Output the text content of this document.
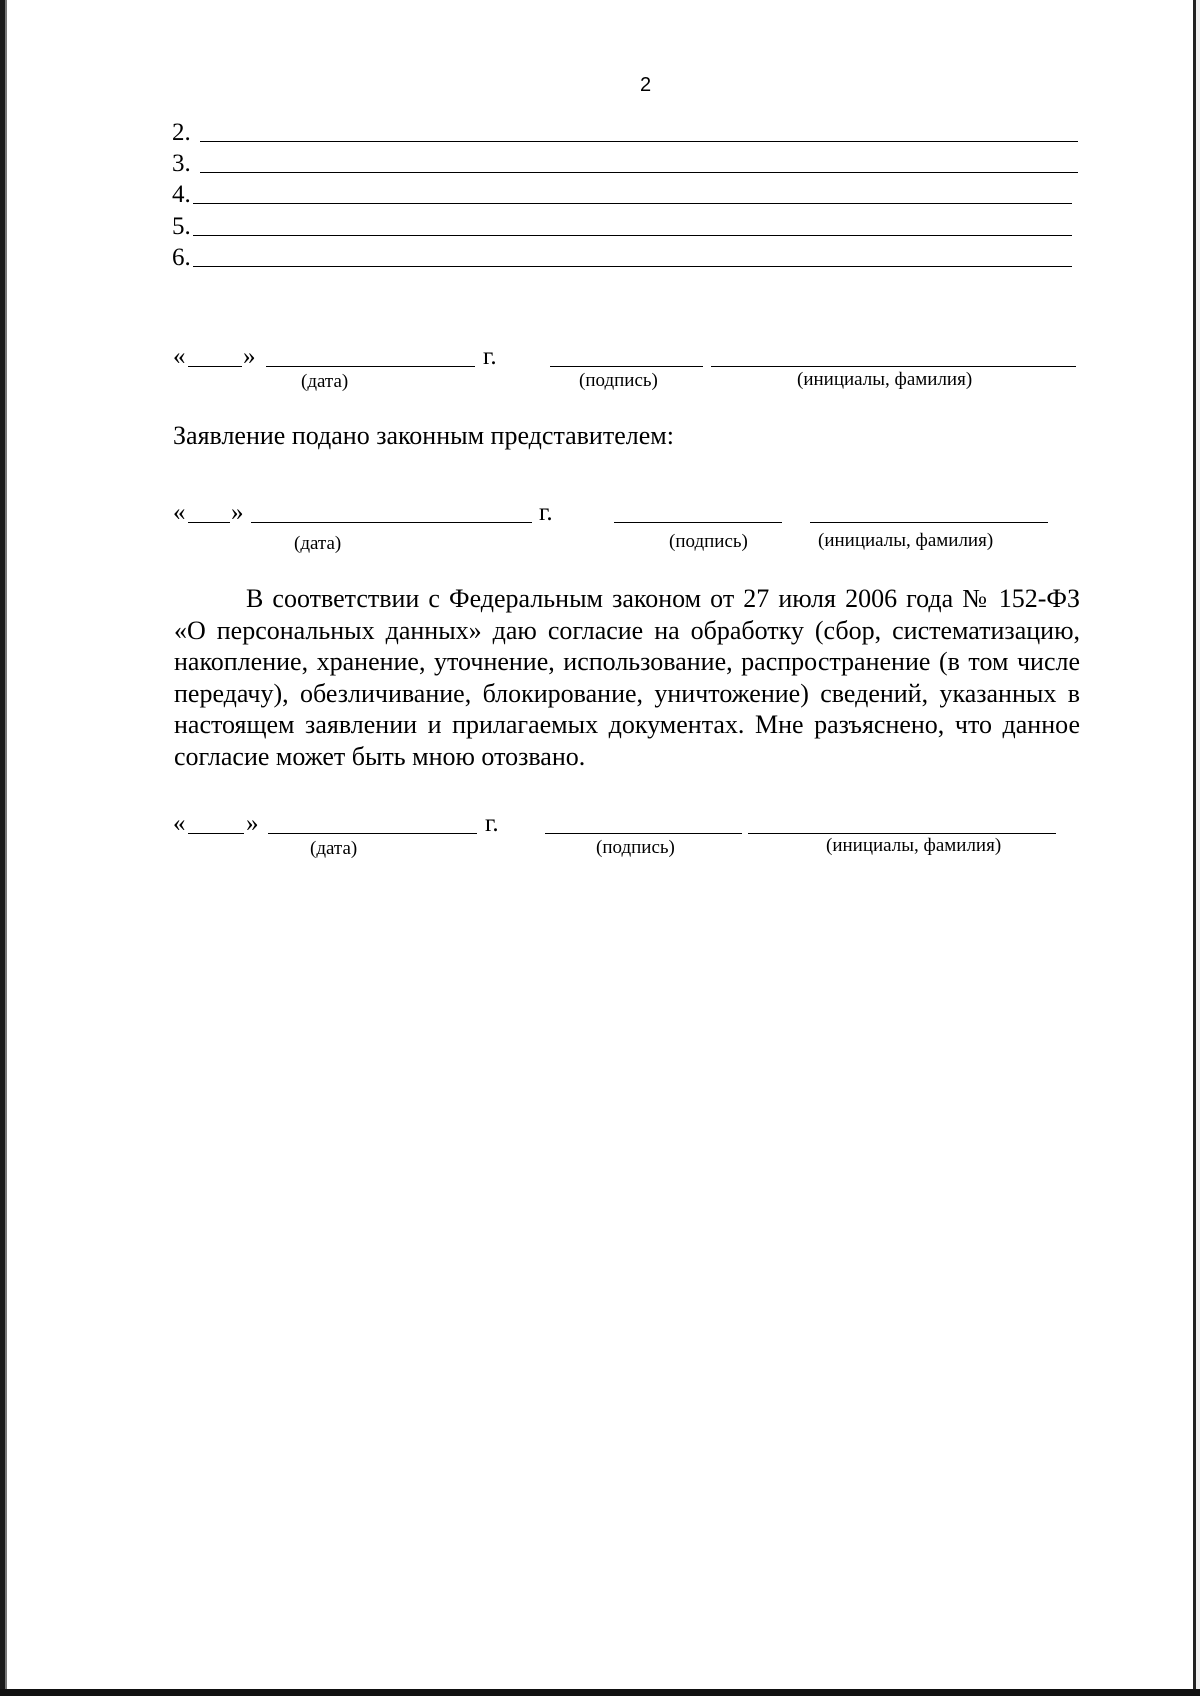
2
2.
3.
4.
5.
6.
« »	г.
(дата)	(подпись)	(инициалы, фамилия)
Заявление подано законным представителем:
« »	г.
(дата)	(подпись)	(инициалы, фамилия)

В соответствии с Федеральным законом от 27 июля 2006 года № 152-ФЗ «О персональных данных» даю согласие на обработку (сбор, систематизацию, накопление, хранение, уточнение, использование, распространение (в том числе передачу), обезличивание, блокирование, уничтожение) сведений, указанных в настоящем заявлении и прилагаемых документах. Мне разъяснено, что данное согласие может быть мною отозвано.

« »	г.
(дата)	(подпись)	(инициалы, фамилия)
